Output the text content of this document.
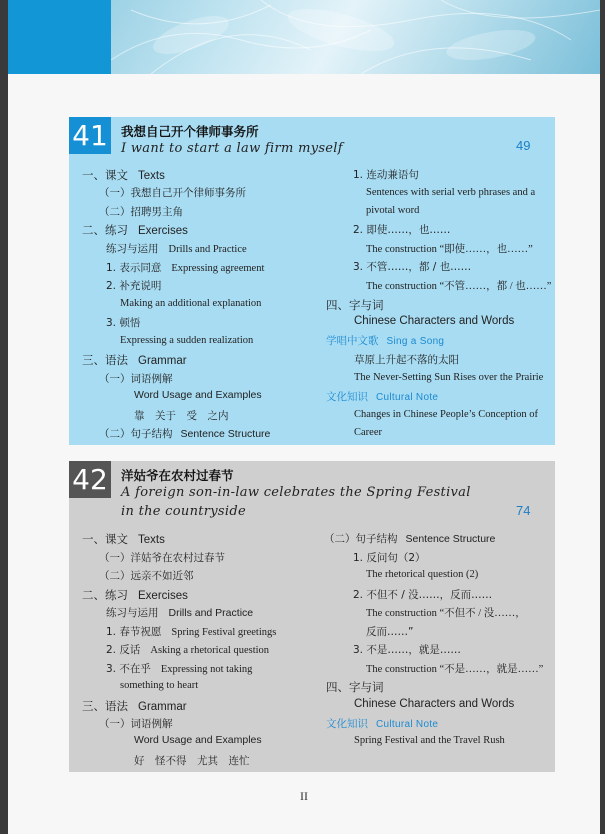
41 我想自己开个律师事务所
I want to start a law firm myself	49
一、课文 Texts
（一）我想自己开个律师事务所
（二）招聘男主角
二、练习 Exercises
练习与运用 Drills and Practice
1. 表示同意 Expressing agreement
2. 补充说明
Making an additional explanation
3. 顿悟
Expressing a sudden realization
三、语法 Grammar
（一）词语例解
Word Usage and Examples
靠　关于　受　之内
（二）句子结构 Sentence Structure
1. 连动兼语句
Sentences with serial verb phrases and a
pivotal word
2. 即使……，也……
The construction “即使……，也……”
3. 不管……，都 / 也……
The construction “不管……，都 / 也……”
四、字与词
Chinese Characters and Words
学唱中文歌 Sing a Song
草原上升起不落的太阳
The Never-Setting Sun Rises over the Prairie
文化知识 Cultural Note
Changes in Chinese People’s Conception of
Career
42 洋姑爷在农村过春节
A foreign son-in-law celebrates the Spring Festival
in the countryside	74
一、课文 Texts
（一）洋姑爷在农村过春节
（二）远亲不如近邻
二、练习 Exercises
练习与运用 Drills and Practice
1. 春节祝愿 Spring Festival greetings
2. 反话 Asking a rhetorical question
3. 不在乎 Expressing not taking
something to heart
三、语法 Grammar
（一）词语例解
Word Usage and Examples
好　怪不得　尤其　连忙
（二）句子结构 Sentence Structure
1. 反问句（2）
The rhetorical question (2)
2. 不但不 / 没……，反而……
The construction “不但不 / 没……，
反而……”
3. 不是……，就是……
The construction “不是……，就是……”
四、字与词
Chinese Characters and Words
文化知识 Cultural Note
Spring Festival and the Travel Rush
II
